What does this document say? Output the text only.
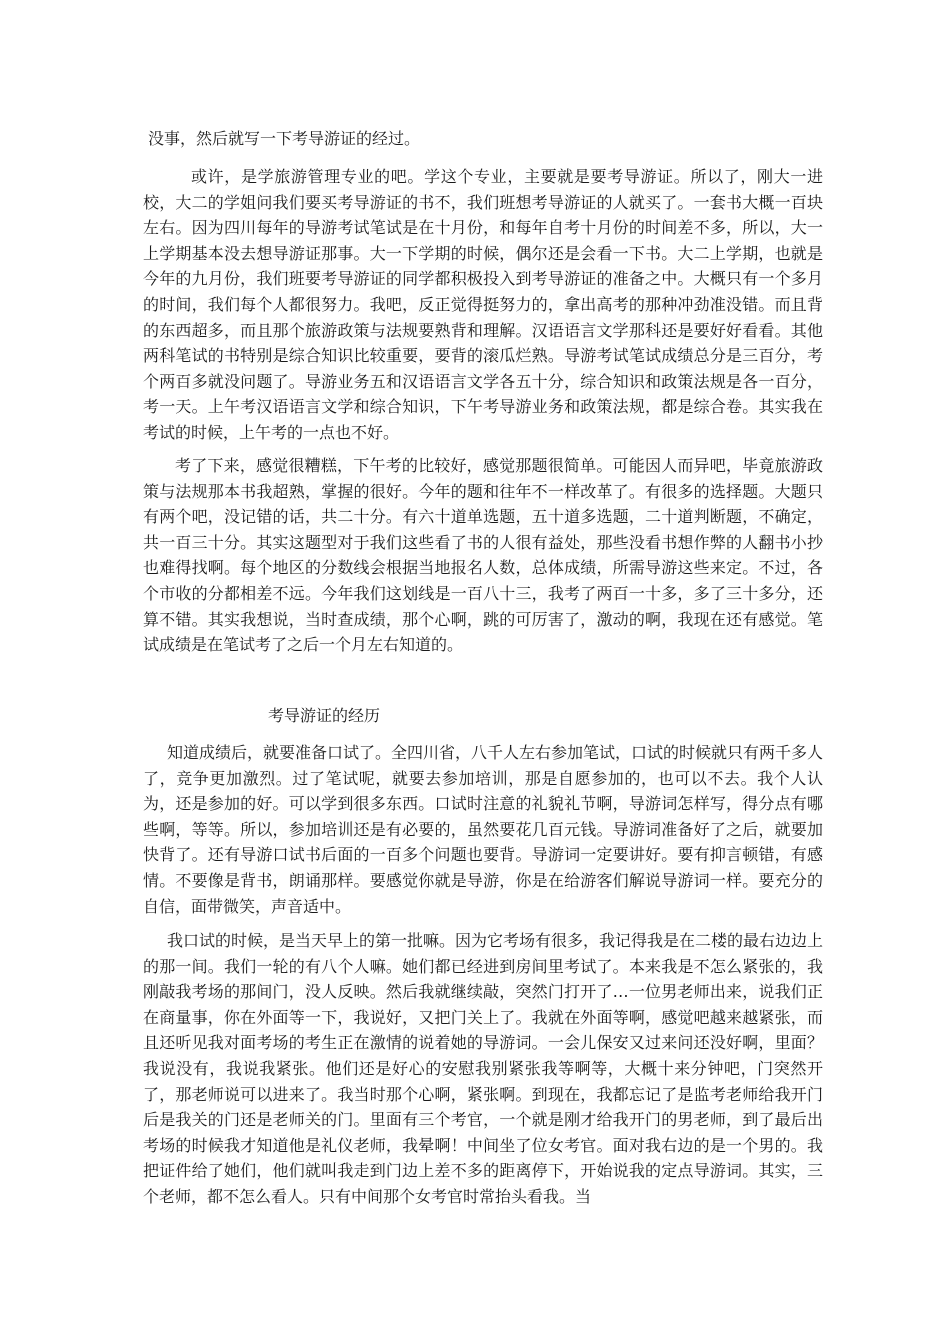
没事，然后就写一下考导游证的经过。

或许，是学旅游管理专业的吧。学这个专业，主要就是要考导游证。所以了，刚大一进校，大二的学姐问我们要买考导游证的书不，我们班想考导游证的人就买了。一套书大概一百块左右。因为四川每年的导游考试笔试是在十月份，和每年自考十月份的时间差不多，所以，大一上学期基本没去想导游证那事。大一下学期的时候，偶尔还是会看一下书。大二上学期，也就是今年的九月份，我们班要考导游证的同学都积极投入到考导游证的准备之中。大概只有一个多月的时间，我们每个人都很努力。我吧，反正觉得挺努力的，拿出高考的那种冲劲准没错。而且背的东西超多，而且那个旅游政策与法规要熟背和理解。汉语语言文学那科还是要好好看看。其他两科笔试的书特别是综合知识比较重要，要背的滚瓜烂熟。导游考试笔试成绩总分是三百分，考个两百多就没问题了。导游业务五和汉语语言文学各五十分，综合知识和政策法规是各一百分，考一天。上午考汉语语言文学和综合知识，下午考导游业务和政策法规，都是综合卷。其实我在考试的时候，上午考的一点也不好。

考了下来，感觉很糟糕，下午考的比较好，感觉那题很简单。可能因人而异吧，毕竟旅游政策与法规那本书我超熟，掌握的很好。今年的题和往年不一样改革了。有很多的选择题。大题只有两个吧，没记错的话，共二十分。有六十道单选题，五十道多选题，二十道判断题，不确定，共一百三十分。其实这题型对于我们这些看了书的人很有益处，那些没看书想作弊的人翻书小抄也难得找啊。每个地区的分数线会根据当地报名人数，总体成绩，所需导游这些来定。不过，各个市收的分都相差不远。今年我们这划线是一百八十三，我考了两百一十多，多了三十多分，还算不错。其实我想说，当时查成绩，那个心啊，跳的可厉害了，激动的啊，我现在还有感觉。笔试成绩是在笔试考了之后一个月左右知道的。

考导游证的经历

知道成绩后，就要准备口试了。全四川省，八千人左右参加笔试，口试的时候就只有两千多人了，竞争更加激烈。过了笔试呢，就要去参加培训，那是自愿参加的，也可以不去。我个人认为，还是参加的好。可以学到很多东西。口试时注意的礼貌礼节啊，导游词怎样写，得分点有哪些啊，等等。所以，参加培训还是有必要的，虽然要花几百元钱。导游词准备好了之后，就要加快背了。还有导游口试书后面的一百多个问题也要背。导游词一定要讲好。要有抑言顿错，有感情。不要像是背书，朗诵那样。要感觉你就是导游，你是在给游客们解说导游词一样。要充分的自信，面带微笑，声音适中。

我口试的时候，是当天早上的第一批嘛。因为它考场有很多，我记得我是在二楼的最右边边上的那一间。我们一轮的有八个人嘛。她们都已经进到房间里考试了。本来我是不怎么紧张的，我刚敲我考场的那间门，没人反映。然后我就继续敲，突然门打开了…一位男老师出来，说我们正在商量事，你在外面等一下，我说好，又把门关上了。我就在外面等啊，感觉吧越来越紧张，而且还听见我对面考场的考生正在激情的说着她的导游词。一会儿保安又过来问还没好啊，里面？我说没有，我说我紧张。他们还是好心的安慰我别紧张我等啊等，大概十来分钟吧，门突然开了，那老师说可以进来了。我当时那个心啊，紧张啊。到现在，我都忘记了是监考老师给我开门后是我关的门还是老师关的门。里面有三个考官，一个就是刚才给我开门的男老师，到了最后出考场的时候我才知道他是礼仪老师，我晕啊！中间坐了位女考官。面对我右边的是一个男的。我把证件给了她们，他们就叫我走到门边上差不多的距离停下，开始说我的定点导游词。其实，三个老师，都不怎么看人。只有中间那个女考官时常抬头看我。当
